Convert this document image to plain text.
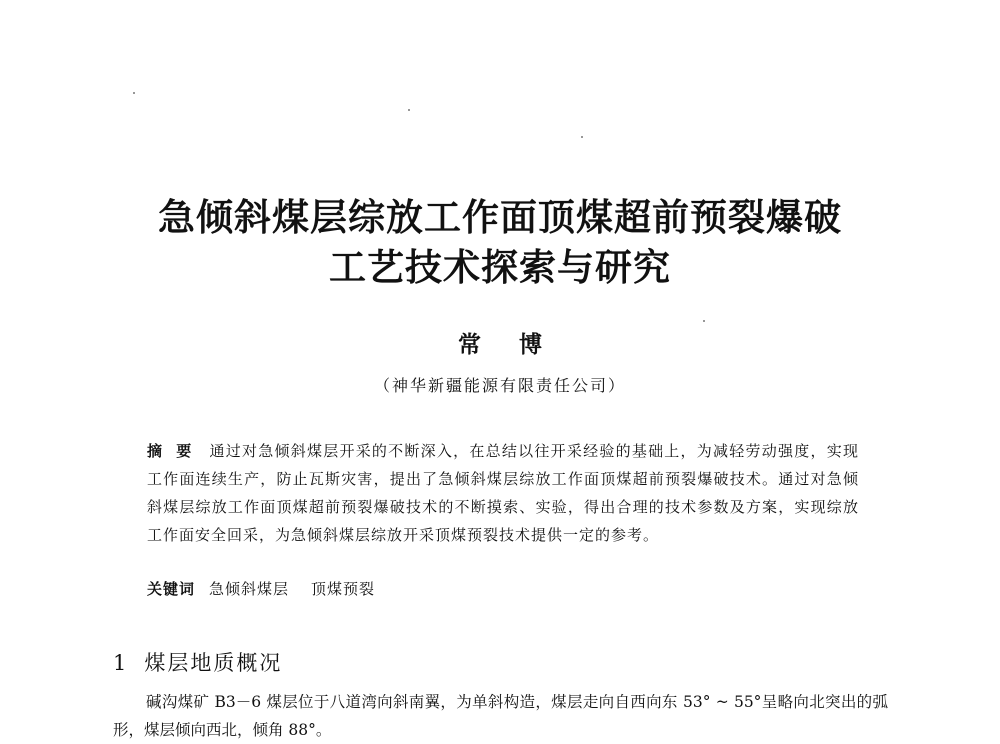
急倾斜煤层综放工作面顶煤超前预裂爆破
工艺技术探索与研究
常博
（神华新疆能源有限责任公司）
摘要 通过对急倾斜煤层开采的不断深入，在总结以往开采经验的基础上，为减轻劳动强度，实现工作面连续生产，防止瓦斯灾害，提出了急倾斜煤层综放工作面顶煤超前预裂爆破技术。通过对急倾斜煤层综放工作面顶煤超前预裂爆破技术的不断摸索、实验，得出合理的技术参数及方案，实现综放工作面安全回采，为急倾斜煤层综放开采顶煤预裂技术提供一定的参考。
关键词 急倾斜煤层 顶煤预裂
1 煤层地质概况
碱沟煤矿 B3－6 煤层位于八道湾向斜南翼，为单斜构造，煤层走向自西向东 53° ~ 55°呈略向北突出的弧形，煤层倾向西北，倾角 88°。
